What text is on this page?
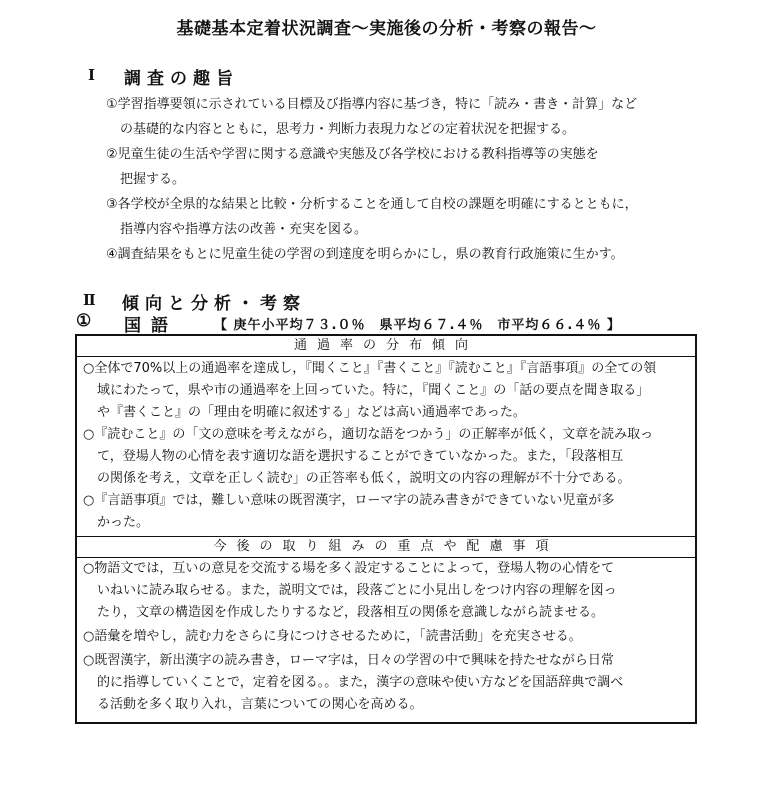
基礎基本定着状況調査～実施後の分析・考察の報告～
Ⅰ 調査の趣旨
①学習指導要領に示されている目標及び指導内容に基づき，特に「読み・書き・計算」など
の基礎的な内容とともに，思考力・判断力表現力などの定着状況を把握する。
②児童生徒の生活や学習に関する意識や実態及び各学校における教科指導等の実態を
把握する。
③各学校が全県的な結果と比較・分析することを通して自校の課題を明確にするとともに，
指導内容や指導方法の改善・充実を図る。
④調査結果をもとに児童生徒の学習の到達度を明らかにし，県の教育行政施策に生かす。
Ⅱ 傾向と分析・考察
① 国語	【 庚午小平均７３.０％　県平均６７.４％　市平均６６.４％ 】
通過率の分布傾向
○全体で70%以上の通過率を達成し，『聞くこと』『書くこと』『読むこと』『言語事項』の全ての領
域にわたって，県や市の通過率を上回っていた。特に，『聞くこと』の「話の要点を聞き取る」
や『書くこと』の「理由を明確に叙述する」などは高い通過率であった。
○『読むこと』の「文の意味を考えながら，適切な語をつかう」の正解率が低く，文章を読み取っ
て，登場人物の心情を表す適切な語を選択することができていなかった。また，「段落相互
の関係を考え，文章を正しく読む」の正答率も低く，説明文の内容の理解が不十分である。
○『言語事項』では，難しい意味の既習漢字，ローマ字の読み書きができていない児童が多
かった。
今後の取り組みの重点や配慮事項
○物語文では，互いの意見を交流する場を多く設定することによって，登場人物の心情をて
いねいに読み取らせる。また，説明文では，段落ごとに小見出しをつけ内容の理解を図っ
たり，文章の構造図を作成したりするなど，段落相互の関係を意識しながら読ませる。
○語彙を増やし，読む力をさらに身につけさせるために，「読書活動」を充実させる。
○既習漢字，新出漢字の読み書き，ローマ字は，日々の学習の中で興味を持たせながら日常
的に指導していくことで，定着を図る。。また，漢字の意味や使い方などを国語辞典で調べ
る活動を多く取り入れ，言葉についての関心を高める。
